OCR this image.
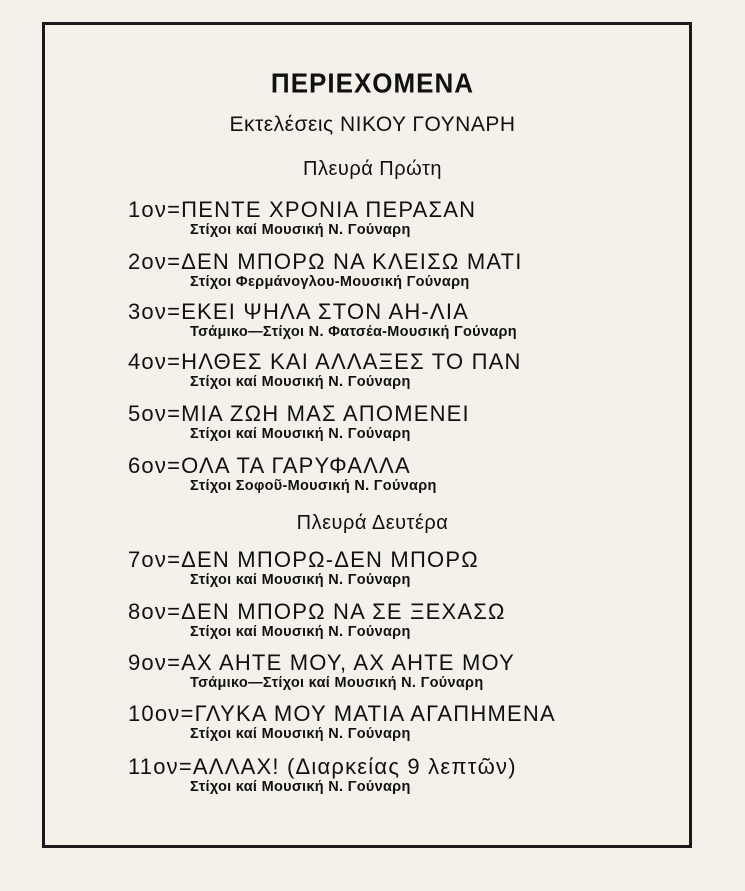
ΠΕΡΙΕΧΟΜΕΝΑ
Εκτελέσεις ΝΙΚΟΥ ΓΟΥΝΑΡΗ
Πλευρά Πρώτη
1ον=ΠΕΝΤΕ ΧΡΟΝΙΑ ΠΕΡΑΣΑΝ
Στίχοι καί Μουσική Ν. Γούναρη
2ον=ΔΕΝ ΜΠΟΡΩ ΝΑ ΚΛΕΙΣΩ ΜΑΤΙ
Στίχοι Φερμάνογλου-Μουσική Γούναρη
3ον=ΕΚΕΙ ΨΗΛΑ ΣΤΟΝ ΑΗ-ΛΙΑ
Τσάμικο—Στίχοι Ν. Φατσέα-Μουσική Γούναρη
4ον=ΗΛΘΕΣ ΚΑΙ ΑΛΛΑΞΕΣ ΤΟ ΠΑΝ
Στίχοι καί Μουσική Ν. Γούναρη
5ον=ΜΙΑ ΖΩΗ ΜΑΣ ΑΠΟΜΕΝΕΙ
Στίχοι καί Μουσική Ν. Γούναρη
6ον=ΟΛΑ ΤΑ ΓΑΡΥΦΑΛΛΑ
Στίχοι Σοφοῦ-Μουσική Ν. Γούναρη
Πλευρά Δευτέρα
7ον=ΔΕΝ ΜΠΟΡΩ-ΔΕΝ ΜΠΟΡΩ
Στίχοι καί Μουσική Ν. Γούναρη
8ον=ΔΕΝ ΜΠΟΡΩ ΝΑ ΣΕ ΞΕΧΑΣΩ
Στίχοι καί Μουσική Ν. Γούναρη
9ον=ΑΧ ΑΗΤΕ ΜΟΥ, ΑΧ ΑΗΤΕ ΜΟΥ
Τσάμικο—Στίχοι καί Μουσική Ν. Γούναρη
10ον=ΓΛΥΚΑ ΜΟΥ ΜΑΤΙΑ ΑΓΑΠΗΜΕΝΑ
Στίχοι καί Μουσική Ν. Γούναρη
11ον=ΑΛΛΑΧ! (Διαρκείας 9 λεπτῶν)
Στίχοι καί Μουσική Ν. Γούναρη
